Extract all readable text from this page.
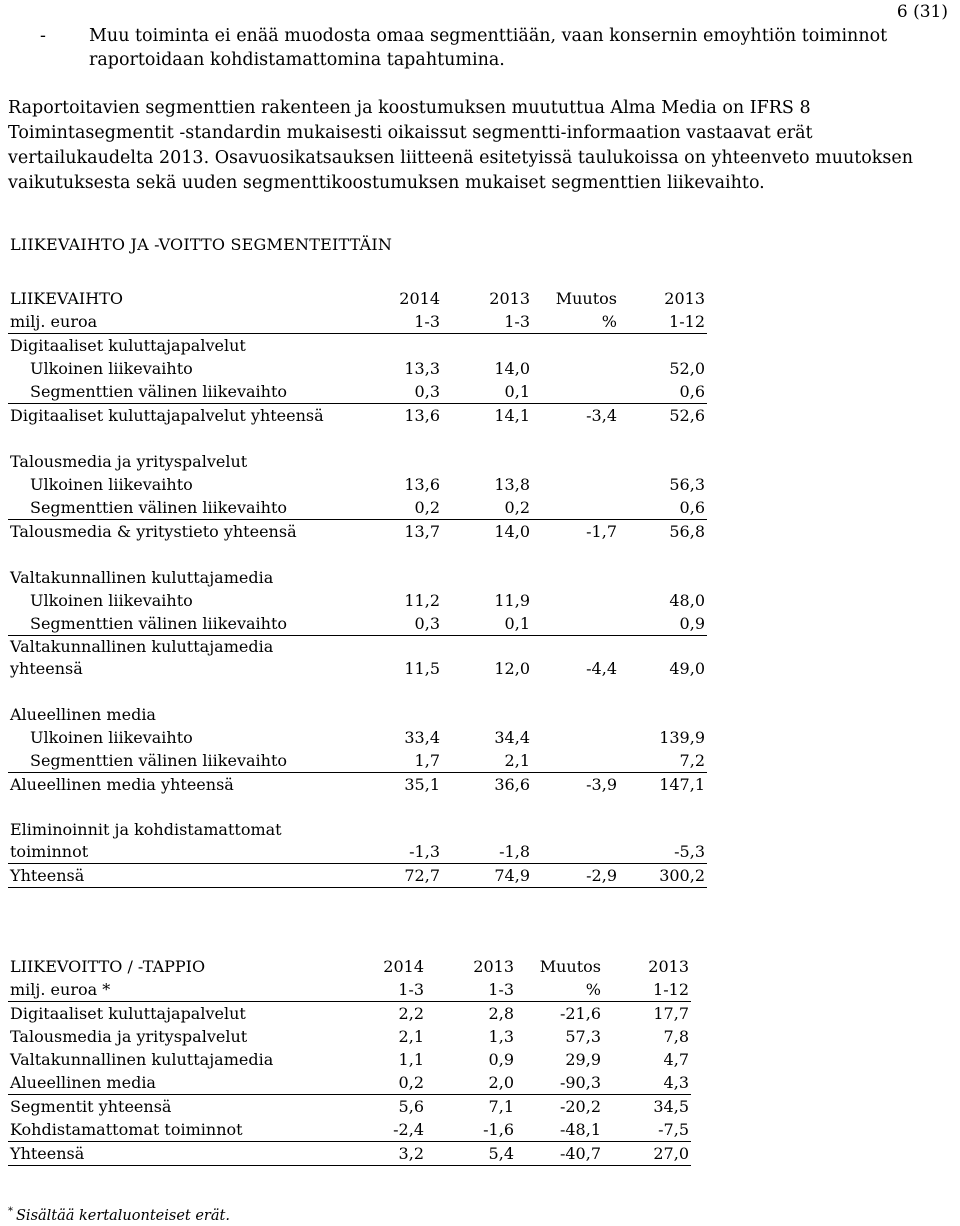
6 (31)
- Muu toiminta ei enää muodosta omaa segmenttiään, vaan konsernin emoyhtiön toiminnot raportoidaan kohdistamattomina tapahtumina.
Raportoitavien segmenttien rakenteen ja koostumuksen muututtua Alma Media on IFRS 8 Toimintasegmentit -standardin mukaisesti oikaissut segmentti-informaation vastaavat erät vertailukaudelta 2013. Osavuosikatsauksen liitteenä esitetyissä taulukoissa on yhteenveto muutoksen vaikutuksesta sekä uuden segmenttikoostumuksen mukaiset segmenttien liikevaihto.
LIIKEVAIHTO JA -VOITTO SEGMENTEITTÄIN
LIIKEVAIHTO	2014	2013	Muutos	2013
milj. euroa	1-3	1-3	%	1-12
Digitaaliset kuluttajapalvelut				
Ulkoinen liikevaihto	13,3	14,0		52,0
Segmenttien välinen liikevaihto	0,3	0,1		0,6
Digitaaliset kuluttajapalvelut yhteensä	13,6	14,1	-3,4	52,6

Talousmedia ja yrityspalvelut				
Ulkoinen liikevaihto	13,6	13,8		56,3
Segmenttien välinen liikevaihto	0,2	0,2		0,6
Talousmedia & yritystieto yhteensä	13,7	14,0	-1,7	56,8

Valtakunnallinen kuluttajamedia				
Ulkoinen liikevaihto	11,2	11,9		48,0
Segmenttien välinen liikevaihto	0,3	0,1		0,9
Valtakunnallinen kuluttajamedia yhteensä	11,5	12,0	-4,4	49,0

Alueellinen media				
Ulkoinen liikevaihto	33,4	34,4		139,9
Segmenttien välinen liikevaihto	1,7	2,1		7,2
Alueellinen media yhteensä	35,1	36,6	-3,9	147,1

Eliminoinnit ja kohdistamattomat toiminnot	-1,3	-1,8		-5,3
Yhteensä	72,7	74,9	-2,9	300,2
LIIKEVOITTO / -TAPPIO	2014	2013	Muutos	2013
milj. euroa *	1-3	1-3	%	1-12
Digitaaliset kuluttajapalvelut	2,2	2,8	-21,6	17,7
Talousmedia ja yrityspalvelut	2,1	1,3	57,3	7,8
Valtakunnallinen kuluttajamedia	1,1	0,9	29,9	4,7
Alueellinen media	0,2	2,0	-90,3	4,3
Segmentit yhteensä	5,6	7,1	-20,2	34,5
Kohdistamattomat toiminnot	-2,4	-1,6	-48,1	-7,5
Yhteensä	3,2	5,4	-40,7	27,0
* Sisältää kertaluonteiset erät.
